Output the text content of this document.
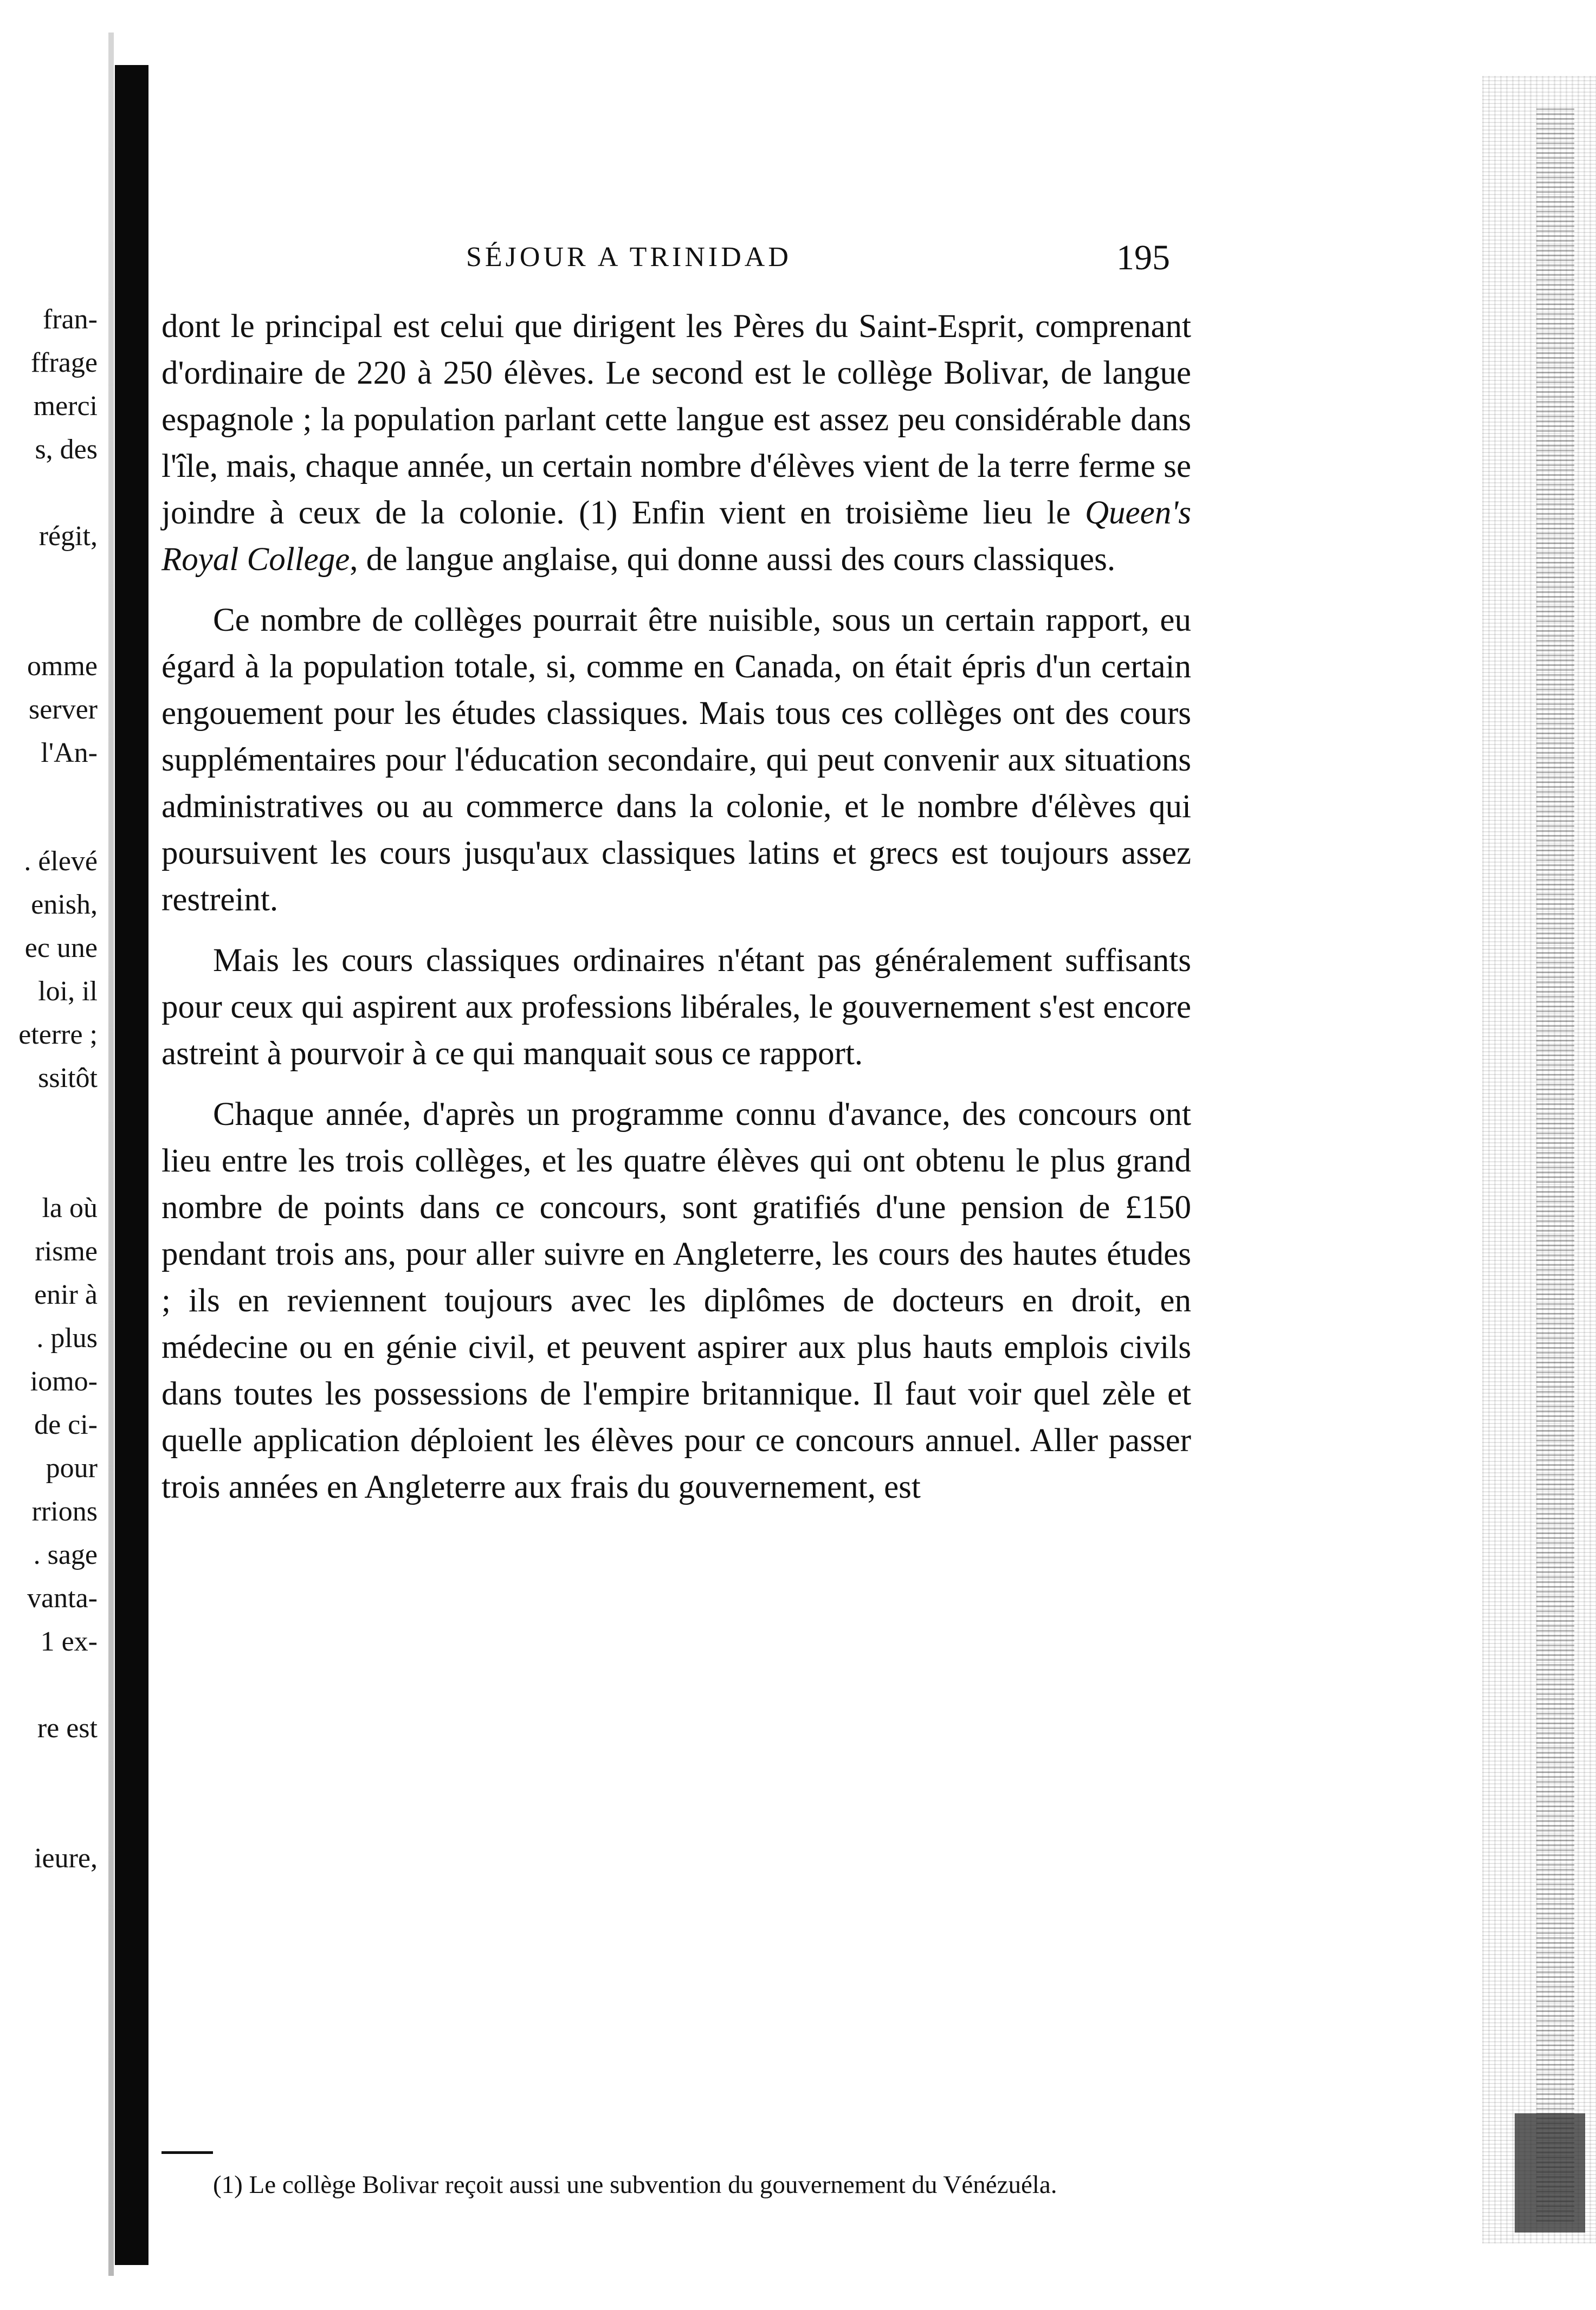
fran-
ffrage
merci
s, des
régit,
omme
server
l'An-
. élevé
enish,
ec une
loi, il
eterre ;
ssitôt
la où
risme
enir à
. plus
iomo-
de ci-
pour
rrions
. sage
vanta-
1 ex-
re est
ieure,
SÉJOUR A TRINIDAD	195

dont le principal est celui que dirigent les Pères du Saint-Esprit, comprenant d'ordinaire de 220 à 250 élèves. Le second est le collège Bolivar, de langue espagnole ; la population parlant cette langue est assez peu considérable dans l'île, mais, chaque année, un certain nombre d'élèves vient de la terre ferme se joindre à ceux de la colonie. (1) Enfin vient en troisième lieu le Queen's Royal College, de langue anglaise, qui donne aussi des cours classiques.

Ce nombre de collèges pourrait être nuisible, sous un certain rapport, eu égard à la population totale, si, comme en Canada, on était épris d'un certain engouement pour les études classiques. Mais tous ces collèges ont des cours supplémentaires pour l'éducation secondaire, qui peut convenir aux situations administratives ou au commerce dans la colonie, et le nombre d'élèves qui poursuivent les cours jusqu'aux classiques latins et grecs est toujours assez restreint.

Mais les cours classiques ordinaires n'étant pas généralement suffisants pour ceux qui aspirent aux professions libérales, le gouvernement s'est encore astreint à pourvoir à ce qui manquait sous ce rapport.

Chaque année, d'après un programme connu d'avance, des concours ont lieu entre les trois collèges, et les quatre élèves qui ont obtenu le plus grand nombre de points dans ce concours, sont gratifiés d'une pension de £150 pendant trois ans, pour aller suivre en Angleterre, les cours des hautes études ; ils en reviennent toujours avec les diplômes de docteurs en droit, en médecine ou en génie civil, et peuvent aspirer aux plus hauts emplois civils dans toutes les possessions de l'empire britannique. Il faut voir quel zèle et quelle application déploient les élèves pour ce concours annuel. Aller passer trois années en Angleterre aux frais du gouvernement, est

(1) Le collège Bolivar reçoit aussi une subvention du gouvernement du Vénézuéla.
